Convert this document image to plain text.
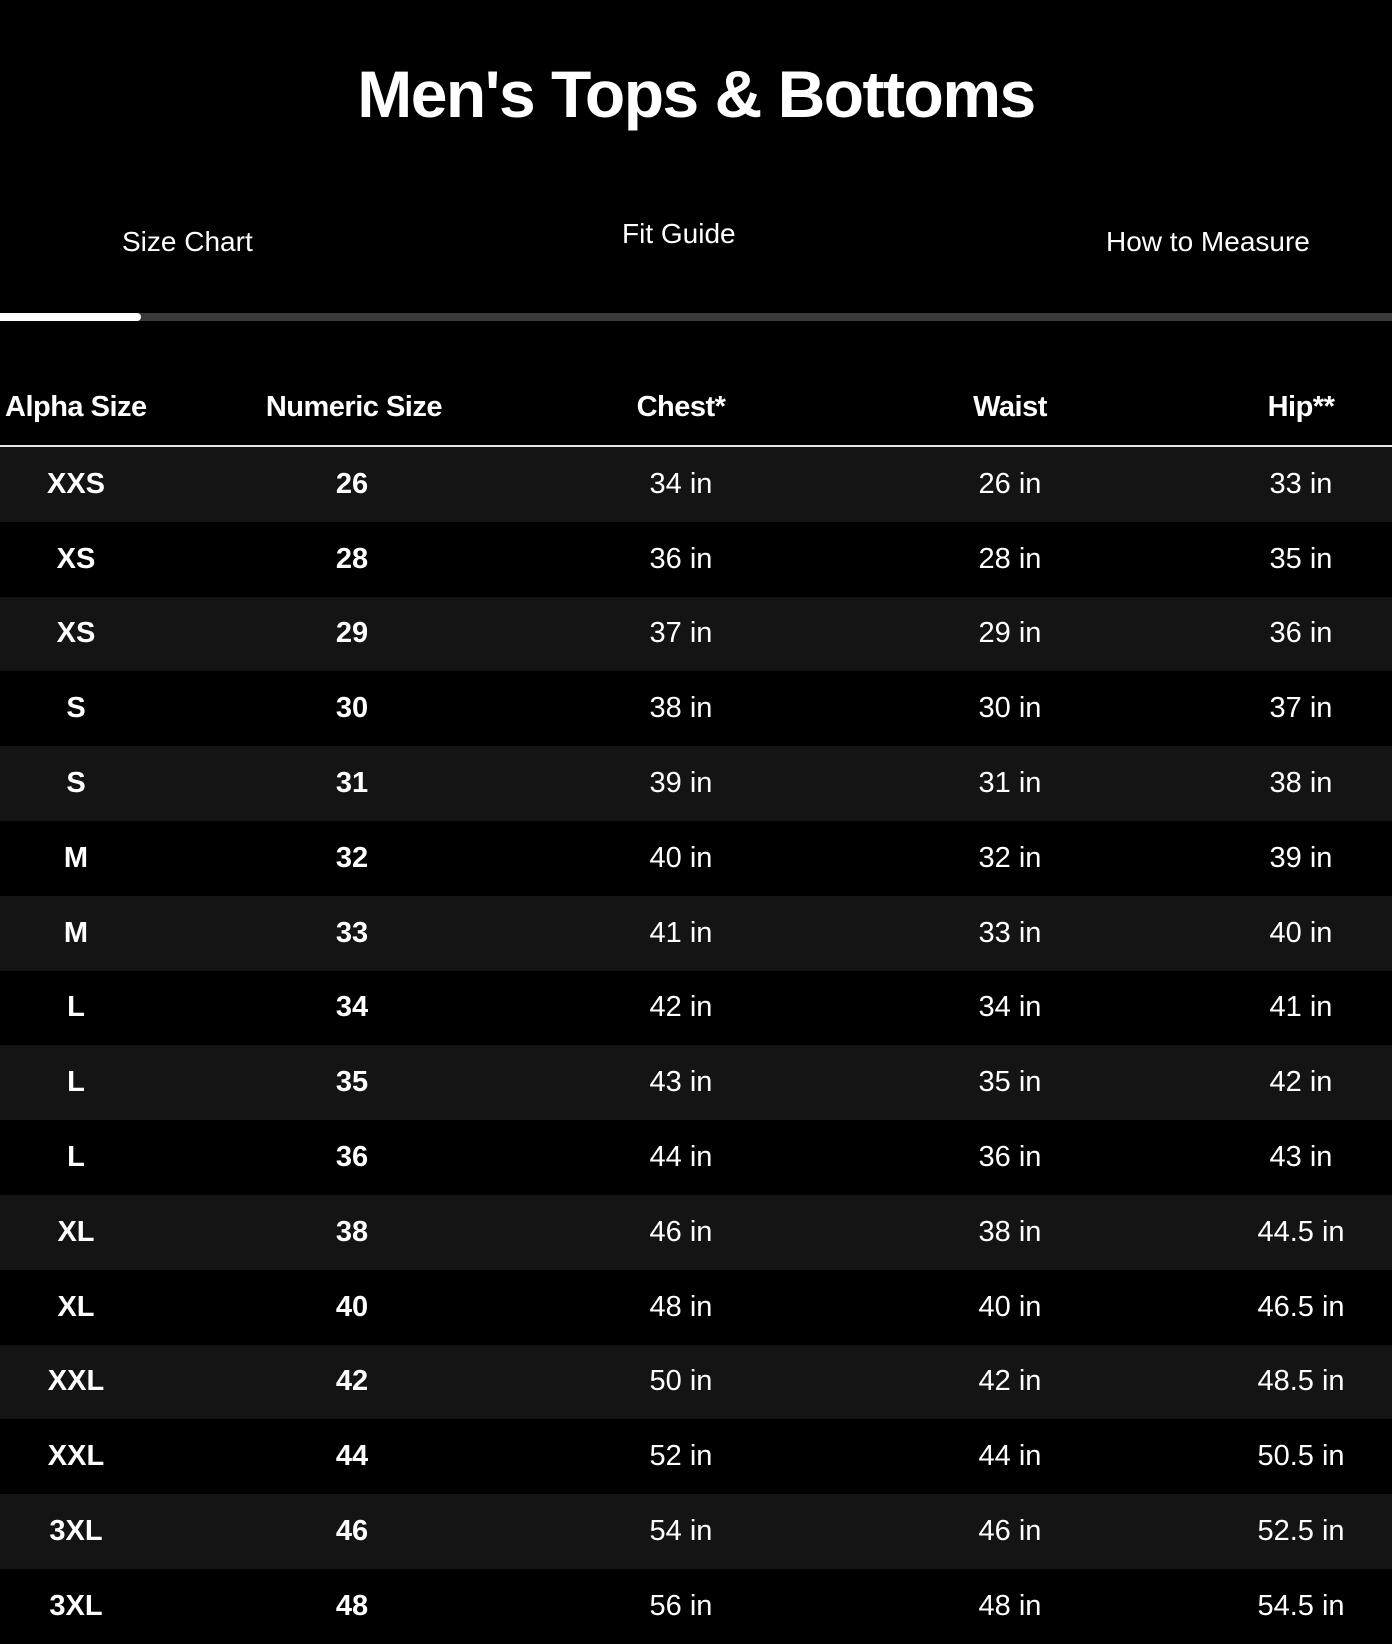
Men's Tops & Bottoms
Size Chart	Fit Guide	How to Measure
Alpha Size	Numeric Size	Chest*	Waist	Hip**
XXS	26	34 in	26 in	33 in
XS	28	36 in	28 in	35 in
XS	29	37 in	29 in	36 in
S	30	38 in	30 in	37 in
S	31	39 in	31 in	38 in
M	32	40 in	32 in	39 in
M	33	41 in	33 in	40 in
L	34	42 in	34 in	41 in
L	35	43 in	35 in	42 in
L	36	44 in	36 in	43 in
XL	38	46 in	38 in	44.5 in
XL	40	48 in	40 in	46.5 in
XXL	42	50 in	42 in	48.5 in
XXL	44	52 in	44 in	50.5 in
3XL	46	54 in	46 in	52.5 in
3XL	48	56 in	48 in	54.5 in
